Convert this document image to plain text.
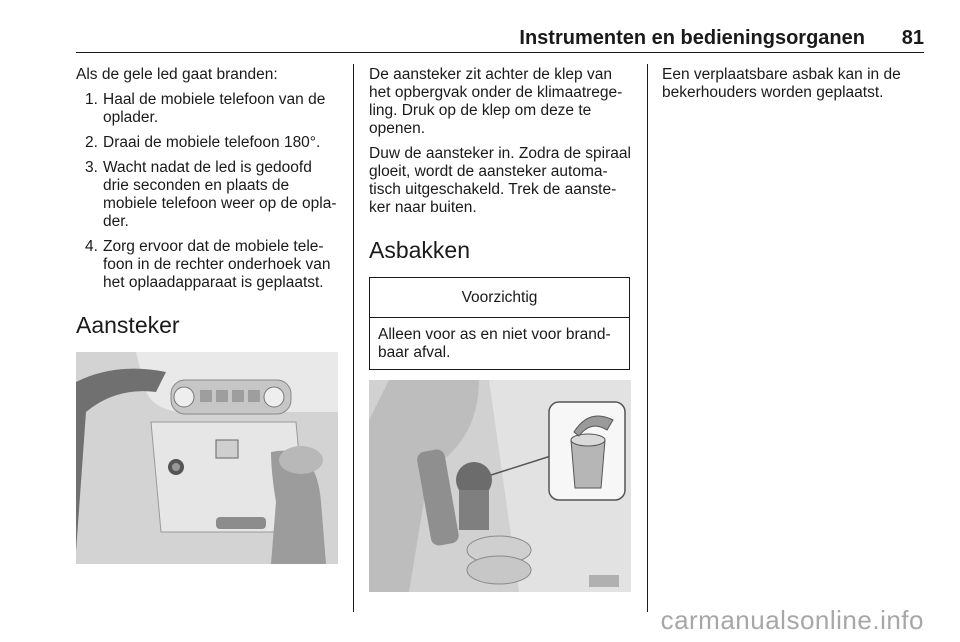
Instrumenten en bedieningsorganen 81

Als de gele led gaat branden:

1. Haal de mobiele telefoon van de oplader.
2. Draai de mobiele telefoon 180°.
3. Wacht nadat de led is gedoofd drie seconden en plaats de mobiele telefoon weer op de opla-der.
4. Zorg ervoor dat de mobiele tele-foon in de rechter onderhoek van het oplaadapparaat is geplaatst.
Aansteker

De aansteker zit achter de klep van het opbergvak onder de klimaatrege-ling. Druk op de klep om deze te openen.

Duw de aansteker in. Zodra de spiraal gloeit, wordt de aansteker automa-tisch uitgeschakeld. Trek de aanste-ker naar buiten.

Asbakken
Voorzichtig
Alleen voor as en niet voor brand-baar afval.

Een verplaatsbare asbak kan in de bekerhouders worden geplaatst.

carmanualsonline.info
